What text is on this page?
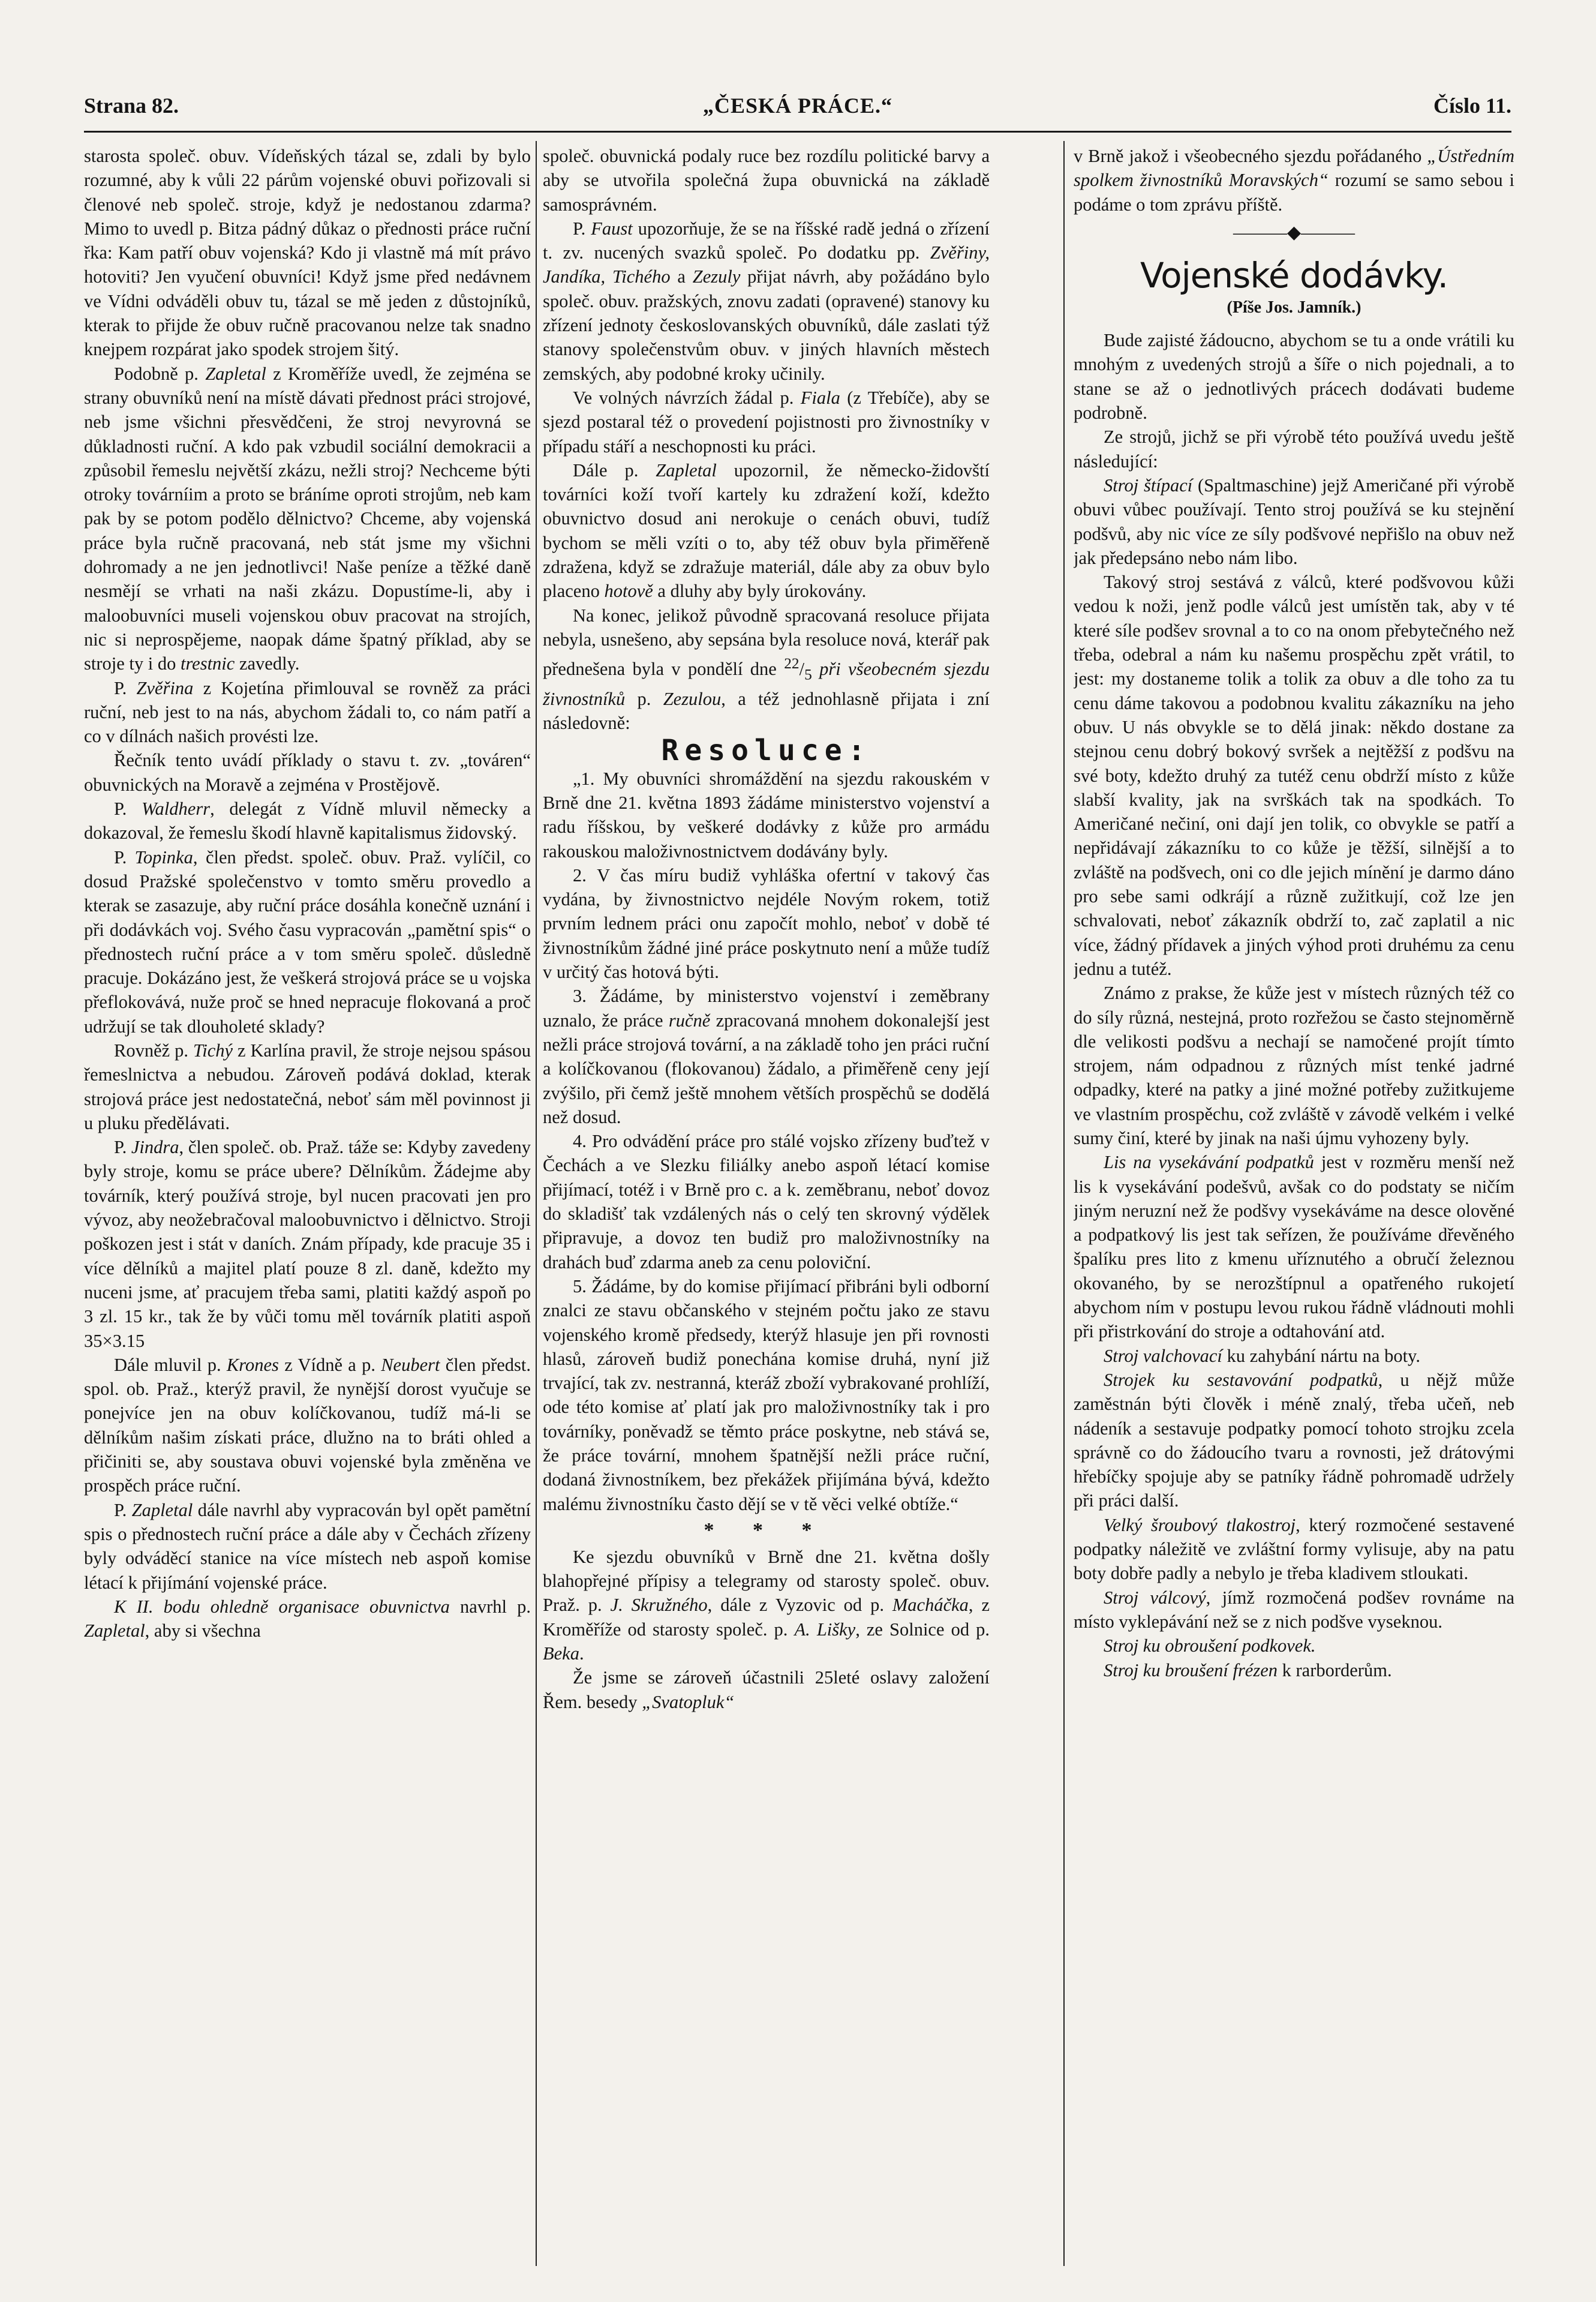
Strana 82.	„ČESKÁ PRÁCE.“	Číslo 11.

starosta společ. obuv. Vídeňských tázal se, zdali by bylo rozumné, aby k vůli 22 párům vojenské obuvi pořizovali si členové neb společ. stroje, když je nedostanou zdarma? Mimo to uvedl p. Bitza pádný důkaz o přednosti práce ruční řka: Kam patří obuv vojenská? Kdo ji vlastně má mít právo hotoviti? Jen vyučení obuvníci! Když jsme před nedávnem ve Vídni odváděli obuv tu, tázal se mě jeden z důstojníků, kterak to přijde že obuv ručně pracovanou nelze tak snadno knejpem rozpárat jako spodek strojem šitý.

Podobně p. Zapletal z Kroměříže uvedl, že zejména se strany obuvníků není na místě dávati přednost práci strojové, neb jsme všichni přesvědčeni, že stroj nevyrovná se důkladnosti ruční. A kdo pak vzbudil sociální demokracii a způsobil řemeslu největší zkázu, nežli stroj? Nechceme býti otroky továrníim a proto se bráníme oproti strojům, neb kam pak by se potom podělo dělnictvo? Chceme, aby vojenská práce byla ručně pracovaná, neb stát jsme my všichni dohromady a ne jen jednotlivci! Naše peníze a těžké daně nesmějí se vrhati na naši zkázu. Dopustíme-li, aby i maloobuvníci museli vojenskou obuv pracovat na strojích, nic si neprospějeme, naopak dáme špatný příklad, aby se stroje ty i do trestnic zavedly.

P. Zvěřina z Kojetína přimlouval se rovněž za práci ruční, neb jest to na nás, abychom žádali to, co nám patří a co v dílnách našich provésti lze.

Řečník tento uvádí příklady o stavu t. zv. „továren“ obuvnických na Moravě a zejména v Prostějově.

P. Waldherr, delegát z Vídně mluvil německy a dokazoval, že řemeslu škodí hlavně kapitalismus židovský.

P. Topinka, člen předst. společ. obuv. Praž. vylíčil, co dosud Pražské společenstvo v tomto směru provedlo a kterak se zasazuje, aby ruční práce dosáhla konečně uznání i při dodávkách voj. Svého času vypracován „pamětní spis“ o přednostech ruční práce a v tom směru společ. důsledně pracuje. Dokázáno jest, že veškerá strojová práce se u vojska přeflokovává, nuže proč se hned nepracuje flokovaná a proč udržují se tak dlouholeté sklady?

Rovněž p. Tichý z Karlína pravil, že stroje nejsou spásou řemeslnictva a nebudou. Zároveň podává doklad, kterak strojová práce jest nedostatečná, neboť sám měl povinnost ji u pluku předělávati.

P. Jindra, člen společ. ob. Praž. táže se: Kdyby zavedeny byly stroje, komu se práce ubere? Dělníkům. Žádejme aby továrník, který používá stroje, byl nucen pracovati jen pro vývoz, aby neožebračoval maloobuvnictvo i dělnictvo. Stroji poškozen jest i stát v daních. Znám případy, kde pracuje 35 i více dělníků a majitel platí pouze 8 zl. daně, kdežto my nuceni jsme, ať pracujem třeba sami, platiti každý aspoň po 3 zl. 15 kr., tak že by vůči tomu měl továrník platiti aspoň 35×3.15

Dále mluvil p. Krones z Vídně a p. Neubert člen předst. spol. ob. Praž., kterýž pravil, že nynější dorost vyučuje se ponejvíce jen na obuv kolíčkovanou, tudíž má-li se dělníkům našim získati práce, dlužno na to bráti ohled a přičiniti se, aby soustava obuvi vojenské byla změněna ve prospěch práce ruční.

P. Zapletal dále navrhl aby vypracován byl opět pamětní spis o přednostech ruční práce a dále aby v Čechách zřízeny byly odváděcí stanice na více místech neb aspoň komise létací k přijímání vojenské práce.

K II. bodu ohledně organisace obuvnictva navrhl p. Zapletal, aby si všechna

společ. obuvnická podaly ruce bez rozdílu politické barvy a aby se utvořila společná župa obuvnická na základě samosprávném.

P. Faust upozorňuje, že se na říšské radě jedná o zřízení t. zv. nucených svazků společ. Po dodatku pp. Zvěřiny, Jandíka, Tichého a Zezuly přijat návrh, aby požádáno bylo společ. obuv. pražských, znovu zadati (opravené) stanovy ku zřízení jednoty českoslovanských obuvníků, dále zaslati týž stanovy společenstvům obuv. v jiných hlavních městech zemských, aby podobné kroky učinily.

Ve volných návrzích žádal p. Fiala (z Třebíče), aby se sjezd postaral též o provedení pojistnosti pro živnostníky v případu stáří a neschopnosti ku práci.

Dále p. Zapletal upozornil, že německo-židovští továrníci koží tvoří kartely ku zdražení koží, kdežto obuvnictvo dosud ani nerokuje o cenách obuvi, tudíž bychom se měli vzíti o to, aby též obuv byla přiměřeně zdražena, když se zdražuje materiál, dále aby za obuv bylo placeno hotově a dluhy aby byly úrokovány.

Na konec, jelikož původně spracovaná resoluce přijata nebyla, usnešeno, aby sepsána byla resoluce nová, kterář pak přednešena byla v pondělí dne $^{22}/_5$ při všeobecném sjezdu živnostníků p. Zezulou, a též jednohlasně přijata i zní následovně:

Resoluce:

„1. My obuvníci shromáždění na sjezdu rakouském v Brně dne 21. května 1893 žádáme ministerstvo vojenství a radu říšskou, by veškeré dodávky z kůže pro armádu rakouskou maloživnostnictvem dodávány byly.

2. V čas míru budiž vyhláška ofertní v takový čas vydána, by živnostnictvo nejdéle Novým rokem, totiž prvním lednem práci onu započít mohlo, neboť v době té živnostníkům žádné jiné práce poskytnuto není a může tudíž v určitý čas hotová býti.

3. Žádáme, by ministerstvo vojenství i zeměbrany uznalo, že práce ručně zpracovaná mnohem dokonalejší jest nežli práce strojová tovární, a na základě toho jen práci ruční a kolíčkovanou (flokovanou) žádalo, a přiměřeně ceny její zvýšilo, při čemž ještě mnohem větších prospěchů se dodělá než dosud.

4. Pro odvádění práce pro stálé vojsko zřízeny buďtež v Čechách a ve Slezku filiálky anebo aspoň létací komise přijímací, totéž i v Brně pro c. a k. zeměbranu, neboť dovoz do skladišť tak vzdálených nás o celý ten skrovný výdělek připravuje, a dovoz ten budiž pro maloživnostníky na drahách buď zdarma aneb za cenu poloviční.

5. Žádáme, by do komise přijímací přibráni byli odborní znalci ze stavu občanského v stejném počtu jako ze stavu vojenského kromě předsedy, kterýž hlasuje jen při rovnosti hlasů, zároveň budiž ponechána komise druhá, nyní již trvající, tak zv. nestranná, kteráž zboží vybrakované prohlíží, ode této komise ať platí jak pro maloživnostníky tak i pro továrníky, poněvadž se těmto práce poskytne, neb stává se, že práce tovární, mnohem špatnější nežli práce ruční, dodaná živnostníkem, bez překážek přijímána bývá, kdežto malému živnostníku často dějí se v tě věci velké obtíže.“

* * *

Ke sjezdu obuvníků v Brně dne 21. května došly blahopřejné přípisy a telegramy od starosty společ. obuv. Praž. p. J. Skružného, dále z Vyzovic od p. Macháčka, z Kroměříže od starosty společ. p. A. Lišky, ze Solnice od p. Beka.

Že jsme se zároveň účastnili 25leté oslavy založení Řem. besedy „Svatopluk“

v Brně jakož i všeobecného sjezdu pořádaného „Ústředním spolkem živnostníků Moravských“ rozumí se samo sebou i podáme o tom zprávu příště.

———◆———
Vojenské dodávky.
(Píše Jos. Jamník.)

Bude zajisté žádoucno, abychom se tu a onde vrátili ku mnohým z uvedených strojů a šíře o nich pojednali, a to stane se až o jednotlivých prácech dodávati budeme podrobně.

Ze strojů, jichž se při výrobě této používá uvedu ještě následující:

Stroj štípací (Spaltmaschine) jejž Američané při výrobě obuvi vůbec používají. Tento stroj používá se ku stejnění podšvů, aby nic více ze síly podšvové nepřišlo na obuv než jak předepsáno nebo nám libo.

Takový stroj sestává z válců, které podšvovou kůži vedou k noži, jenž podle válců jest umístěn tak, aby v té které síle podšev srovnal a to co na onom přebytečného než třeba, odebral a nám ku našemu prospěchu zpět vrátil, to jest: my dostaneme tolik a tolik za obuv a dle toho za tu cenu dáme takovou a podobnou kvalitu zákazníku na jeho obuv. U nás obvykle se to dělá jinak: někdo dostane za stejnou cenu dobrý bokový svršek a nejtěžší z podšvu na své boty, kdežto druhý za tutéž cenu obdrží místo z kůže slabší kvality, jak na svrškách tak na spodkách. To Američané nečiní, oni dají jen tolik, co obvykle se patří a nepřidávají zákazníku to co kůže je těžší, silnější a to zvláště na podšvech, oni co dle jejich mínění je darmo dáno pro sebe sami odkrájí a různě zužitkují, což lze jen schvalovati, neboť zákazník obdrží to, zač zaplatil a nic více, žádný přídavek a jiných výhod proti druhému za cenu jednu a tutéž.

Známo z prakse, že kůže jest v místech různých též co do síly různá, nestejná, proto rozřežou se často stejnoměrně dle velikosti podšvu a nechají se namočené projít tímto strojem, nám odpadnou z různých míst tenké jadrné odpadky, které na patky a jiné možné potřeby zužitkujeme ve vlastním prospěchu, což zvláště v závodě velkém i velké sumy činí, které by jinak na naši újmu vyhozeny byly.

Lis na vysekávání podpatků jest v rozměru menší než lis k vysekávání podešvů, avšak co do podstaty se ničím jiným neruzní než že podšvy vysekáváme na desce olověné a podpatkový lis jest tak seřízen, že používáme dřevěného špalíku pres lito z kmenu uříznutého a obručí železnou okovaného, by se nerozštípnul a opatřeného rukojetí abychom ním v postupu levou rukou řádně vládnouti mohli při přistrkování do stroje a odtahování atd.

Stroj valchovací ku zahybání nártu na boty.

Strojek ku sestavování podpatků, u nějž může zaměstnán býti člověk i méně znalý, třeba učeň, neb nádeník a sestavuje podpatky pomocí tohoto strojku zcela správně co do žádoucího tvaru a rovnosti, jež drátovými hřebíčky spojuje aby se patníky řádně pohromadě udržely při práci další.

Velký šroubový tlakostroj, který rozmočené sestavené podpatky náležitě ve zvláštní formy vylisuje, aby na patu boty dobře padly a nebylo je třeba kladivem stloukati.

Stroj válcový, jímž rozmočená podšev rovnáme na místo vyklepávání než se z nich podšve vyseknou.

Stroj ku obroušení podkovek.

Stroj ku broušení frézen k rarborderům.
